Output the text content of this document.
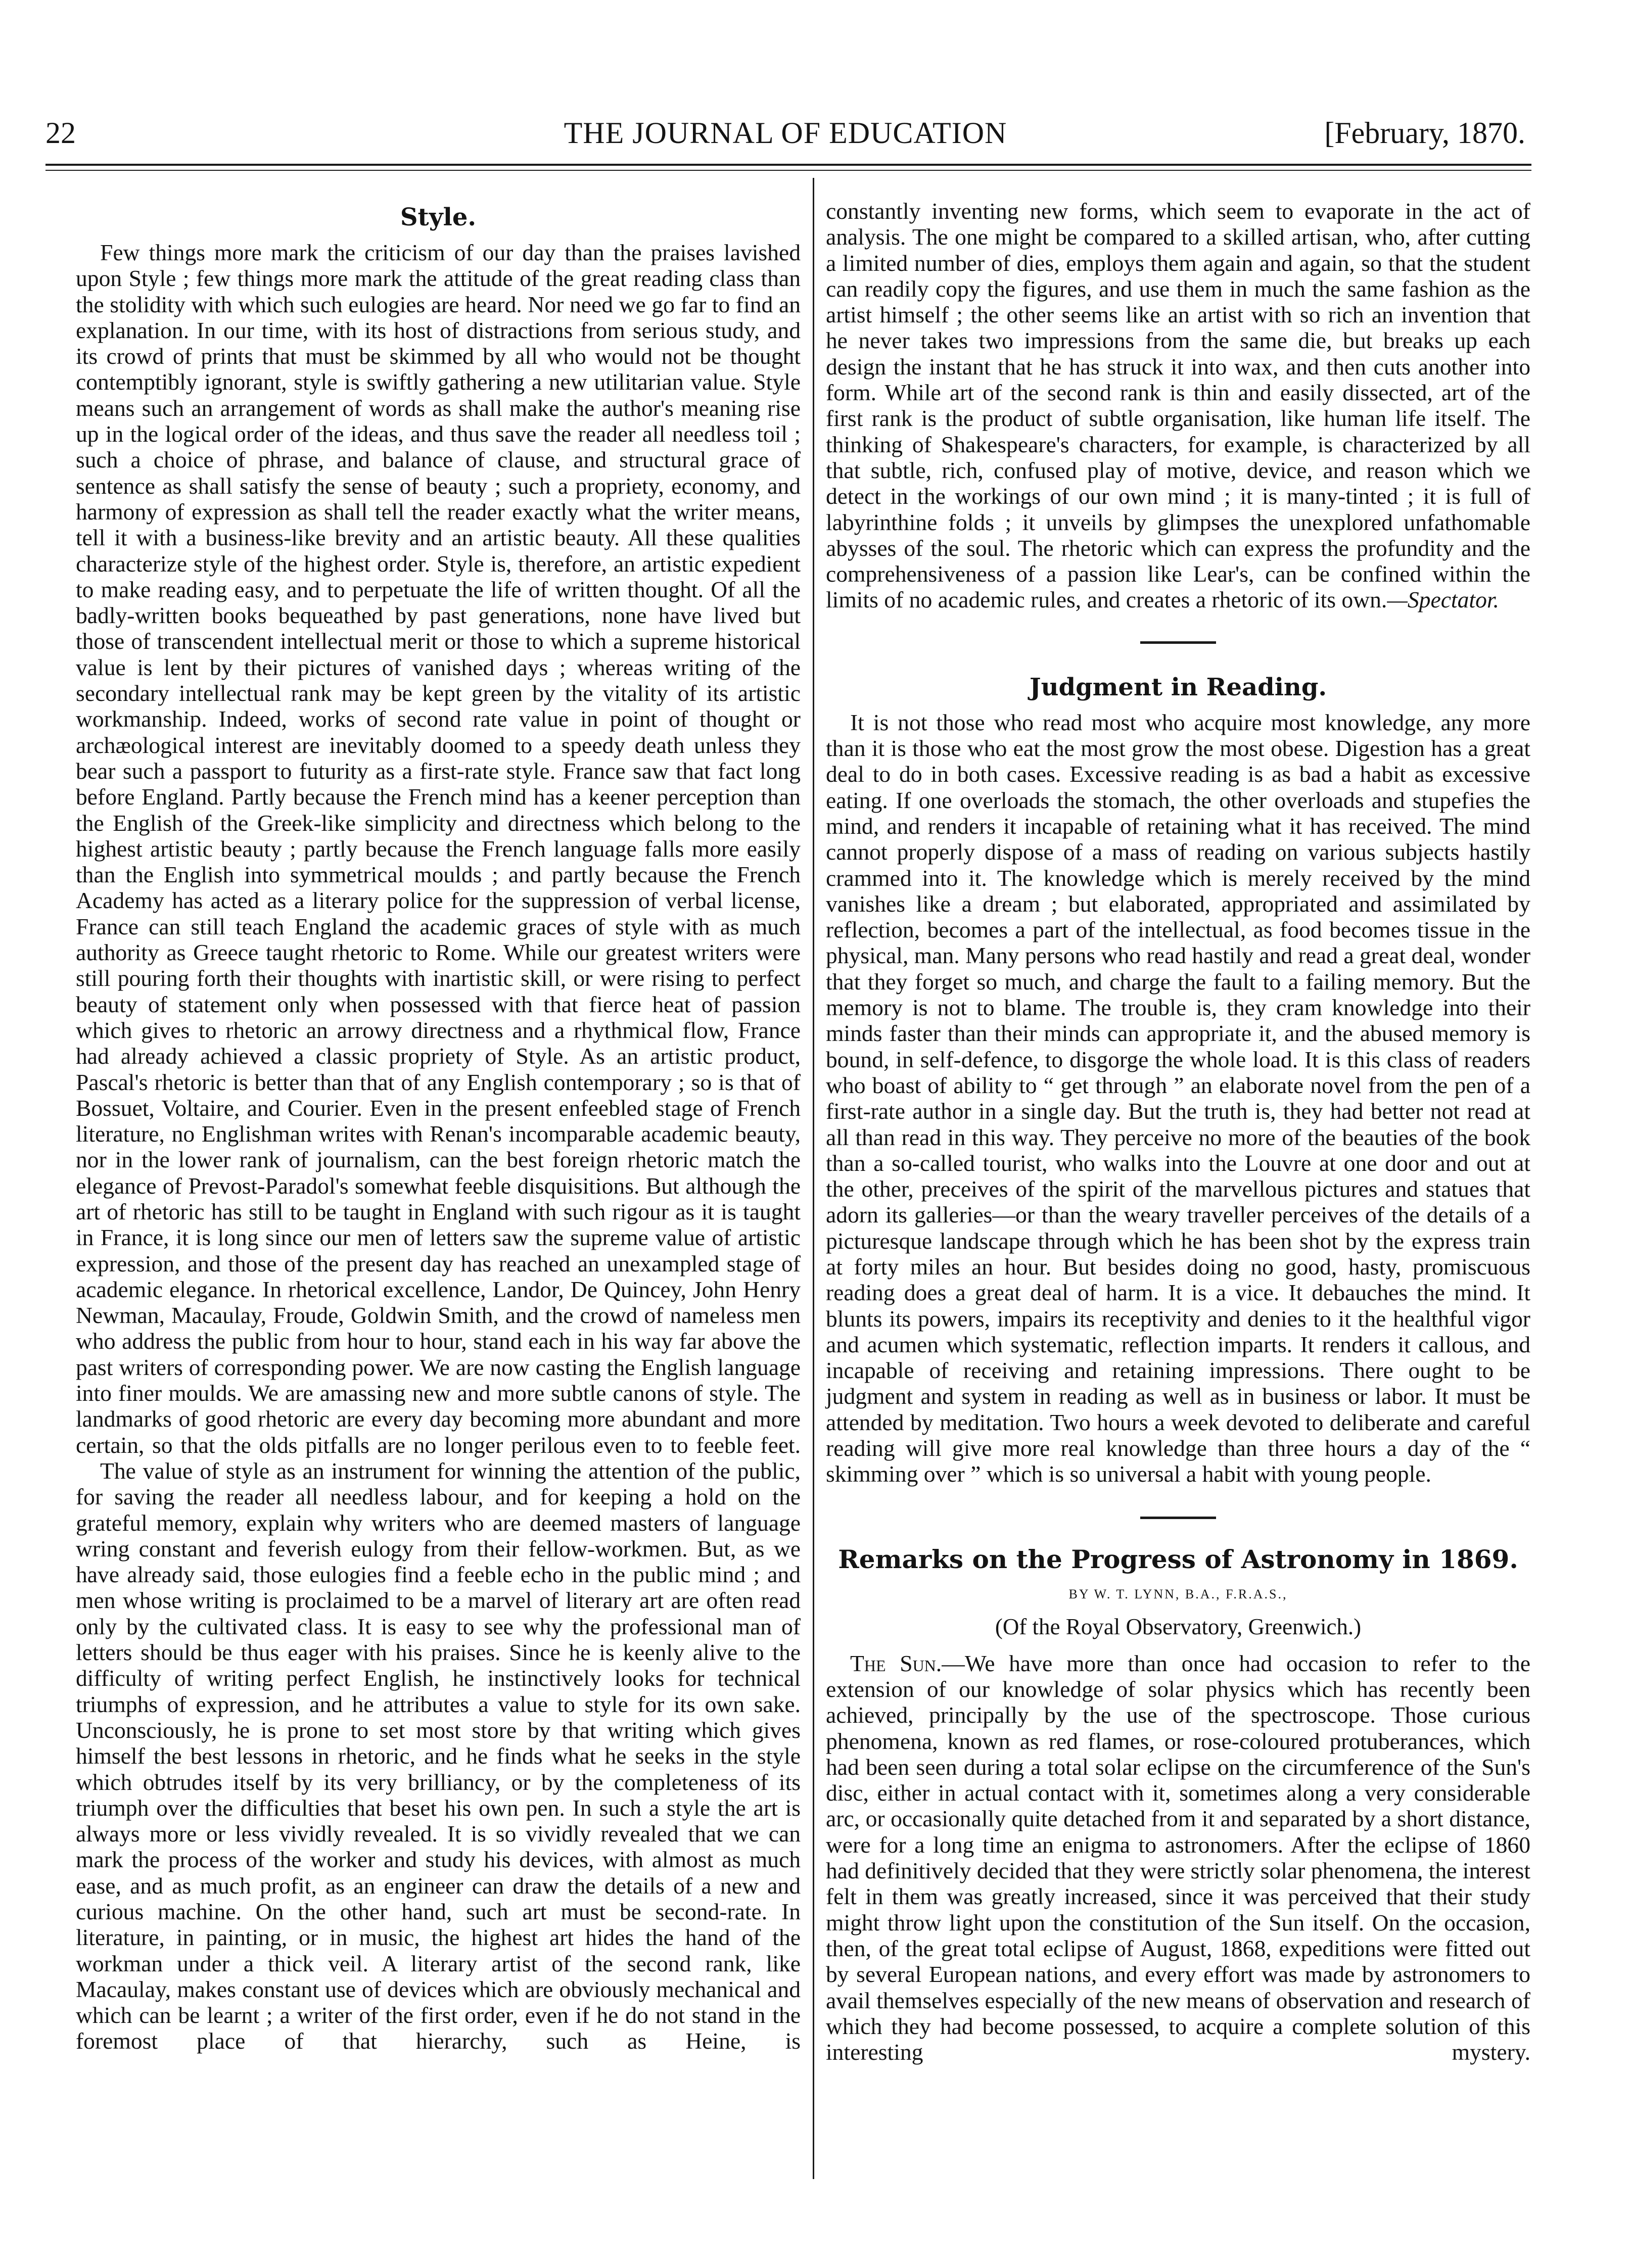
22	THE JOURNAL OF EDUCATION	[February, 1870.
Style.

Few things more mark the criticism of our day than the praises lavished upon Style ; few things more mark the attitude of the great reading class than the stolidity with which such eulogies are heard. Nor need we go far to find an explanation. In our time, with its host of distractions from serious study, and its crowd of prints that must be skimmed by all who would not be thought contemptibly ignorant, style is swiftly gathering a new utilitarian value. Style means such an arrangement of words as shall make the author's meaning rise up in the logical order of the ideas, and thus save the reader all needless toil ; such a choice of phrase, and balance of clause, and structural grace of sentence as shall satisfy the sense of beauty ; such a propriety, economy, and harmony of expression as shall tell the reader exactly what the writer means, tell it with a business-like brevity and an artistic beauty. All these qualities characterize style of the highest order. Style is, therefore, an artistic expedient to make reading easy, and to perpetuate the life of written thought. Of all the badly-written books bequeathed by past generations, none have lived but those of transcendent intellectual merit or those to which a supreme historical value is lent by their pictures of vanished days ; whereas writing of the secondary intellectual rank may be kept green by the vitality of its artistic workmanship. Indeed, works of second rate value in point of thought or archæological interest are inevitably doomed to a speedy death unless they bear such a passport to futurity as a first-rate style. France saw that fact long before England. Partly because the French mind has a keener perception than the English of the Greek-like simplicity and directness which belong to the highest artistic beauty ; partly because the French language falls more easily than the English into symmetrical moulds ; and partly because the French Academy has acted as a literary police for the suppression of verbal license, France can still teach England the academic graces of style with as much authority as Greece taught rhetoric to Rome. While our greatest writers were still pouring forth their thoughts with inartistic skill, or were rising to perfect beauty of statement only when possessed with that fierce heat of passion which gives to rhetoric an arrowy directness and a rhythmical flow, France had already achieved a classic propriety of Style. As an artistic product, Pascal's rhetoric is better than that of any English contemporary ; so is that of Bossuet, Voltaire, and Courier. Even in the present enfeebled stage of French literature, no Englishman writes with Renan's incomparable academic beauty, nor in the lower rank of journalism, can the best foreign rhetoric match the elegance of Prevost-Paradol's somewhat feeble disquisitions. But although the art of rhetoric has still to be taught in England with such rigour as it is taught in France, it is long since our men of letters saw the supreme value of artistic expression, and those of the present day has reached an unexampled stage of academic elegance. In rhetorical excellence, Landor, De Quincey, John Henry Newman, Macaulay, Froude, Goldwin Smith, and the crowd of nameless men who address the public from hour to hour, stand each in his way far above the past writers of corresponding power. We are now casting the English language into finer moulds. We are amassing new and more subtle canons of style. The landmarks of good rhetoric are every day becoming more abundant and more certain, so that the olds pitfalls are no longer perilous even to to feeble feet.

The value of style as an instrument for winning the attention of the public, for saving the reader all needless labour, and for keeping a hold on the grateful memory, explain why writers who are deemed masters of language wring constant and feverish eulogy from their fellow-workmen. But, as we have already said, those eulogies find a feeble echo in the public mind ; and men whose writing is proclaimed to be a marvel of literary art are often read only by the cultivated class. It is easy to see why the professional man of letters should be thus eager with his praises. Since he is keenly alive to the difficulty of writing perfect English, he instinctively looks for technical triumphs of expression, and he attributes a value to style for its own sake. Unconsciously, he is prone to set most store by that writing which gives himself the best lessons in rhetoric, and he finds what he seeks in the style which obtrudes itself by its very brilliancy, or by the completeness of its triumph over the difficulties that beset his own pen. In such a style the art is always more or less vividly revealed. It is so vividly revealed that we can mark the process of the worker and study his devices, with almost as much ease, and as much profit, as an engineer can draw the details of a new and curious machine. On the other hand, such art must be second-rate. In literature, in painting, or in music, the highest art hides the hand of the workman under a thick veil. A literary artist of the second rank, like Macaulay, makes constant use of devices which are obviously mechanical and which can be learnt ; a writer of the first order, even if he do not stand in the foremost place of that hierarchy, such as Heine, is

constantly inventing new forms, which seem to evaporate in the act of analysis. The one might be compared to a skilled artisan, who, after cutting a limited number of dies, employs them again and again, so that the student can readily copy the figures, and use them in much the same fashion as the artist himself ; the other seems like an artist with so rich an invention that he never takes two impressions from the same die, but breaks up each design the instant that he has struck it into wax, and then cuts another into form. While art of the second rank is thin and easily dissected, art of the first rank is the product of subtle organisation, like human life itself. The thinking of Shakespeare's characters, for example, is characterized by all that subtle, rich, confused play of motive, device, and reason which we detect in the workings of our own mind ; it is many-tinted ; it is full of labyrinthine folds ; it unveils by glimpses the unexplored unfathomable abysses of the soul. The rhetoric which can express the profundity and the comprehensiveness of a passion like Lear's, can be confined within the limits of no academic rules, and creates a rhetoric of its own.—Spectator.

Judgment in Reading.

It is not those who read most who acquire most knowledge, any more than it is those who eat the most grow the most obese. Digestion has a great deal to do in both cases. Excessive reading is as bad a habit as excessive eating. If one overloads the stomach, the other overloads and stupefies the mind, and renders it incapable of retaining what it has received. The mind cannot properly dispose of a mass of reading on various subjects hastily crammed into it. The knowledge which is merely received by the mind vanishes like a dream ; but elaborated, appropriated and assimilated by reflection, becomes a part of the intellectual, as food becomes tissue in the physical, man. Many persons who read hastily and read a great deal, wonder that they forget so much, and charge the fault to a failing memory. But the memory is not to blame. The trouble is, they cram knowledge into their minds faster than their minds can appropriate it, and the abused memory is bound, in self-defence, to disgorge the whole load. It is this class of readers who boast of ability to “ get through ” an elaborate novel from the pen of a first-rate author in a single day. But the truth is, they had better not read at all than read in this way. They perceive no more of the beauties of the book than a so-called tourist, who walks into the Louvre at one door and out at the other, preceives of the spirit of the marvellous pictures and statues that adorn its galleries—or than the weary traveller perceives of the details of a picturesque landscape through which he has been shot by the express train at forty miles an hour. But besides doing no good, hasty, promiscuous reading does a great deal of harm. It is a vice. It debauches the mind. It blunts its powers, impairs its receptivity and denies to it the healthful vigor and acumen which systematic, reflection imparts. It renders it callous, and incapable of receiving and retaining impressions. There ought to be judgment and system in reading as well as in business or labor. It must be attended by meditation. Two hours a week devoted to deliberate and careful reading will give more real knowledge than three hours a day of the “ skimming over ” which is so universal a habit with young people.

Remarks on the Progress of Astronomy in 1869.
BY W. T. LYNN, B.A., F.R.A.S.,
(Of the Royal Observatory, Greenwich.)

The Sun.—We have more than once had occasion to refer to the extension of our knowledge of solar physics which has recently been achieved, principally by the use of the spectroscope. Those curious phenomena, known as red flames, or rose-coloured protuberances, which had been seen during a total solar eclipse on the circumference of the Sun's disc, either in actual contact with it, sometimes along a very considerable arc, or occasionally quite detached from it and separated by a short distance, were for a long time an enigma to astronomers. After the eclipse of 1860 had definitively decided that they were strictly solar phenomena, the interest felt in them was greatly increased, since it was perceived that their study might throw light upon the constitution of the Sun itself. On the occasion, then, of the great total eclipse of August, 1868, expeditions were fitted out by several European nations, and every effort was made by astronomers to avail themselves especially of the new means of observation and research of which they had become possessed, to acquire a complete solution of this interesting mystery.
